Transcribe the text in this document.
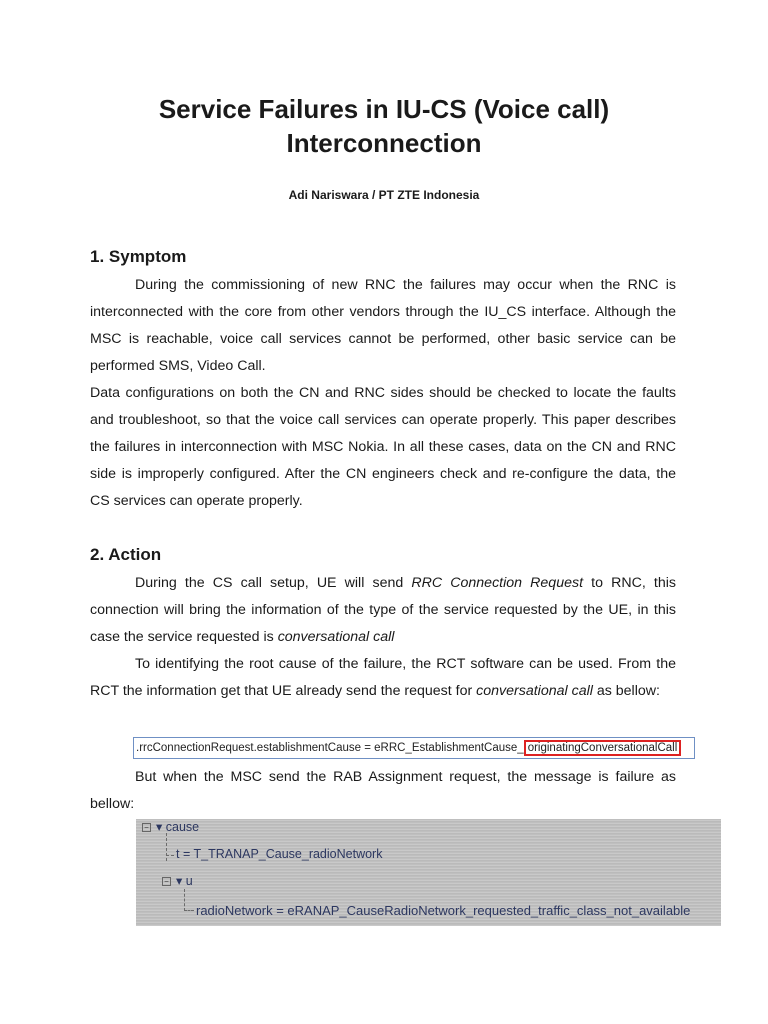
Service Failures in IU-CS (Voice call)
Interconnection
Adi Nariswara / PT ZTE Indonesia
1. Symptom

During the commissioning of new RNC the failures may occur when the RNC is interconnected with the core from other vendors through the IU_CS interface. Although the MSC is reachable, voice call services cannot be performed, other basic service can be performed SMS, Video Call.

Data configurations on both the CN and RNC sides should be checked to locate the faults and troubleshoot, so that the voice call services can operate properly. This paper describes the failures in interconnection with MSC Nokia. In all these cases, data on the CN and RNC side is improperly configured. After the CN engineers check and re-configure the data, the CS services can operate properly.

2. Action

During the CS call setup, UE will send RRC Connection Request to RNC, this connection will bring the information of the type of the service requested by the UE, in this case the service requested is conversational call

To identifying the root cause of the failure, the RCT software can be used. From the RCT the information get that UE already send the request for conversational call as bellow:

.rrcConnectionRequest.establishmentCause = eRRC_EstablishmentCause_ originatingConversationalCall

But when the MSC send the RAB Assignment request, the message is failure as bellow:

− ▾ cause
t = T_TRANAP_Cause_radioNetwork
− ▾ u
radioNetwork = eRANAP_CauseRadioNetwork_requested_traffic_class_not_available
